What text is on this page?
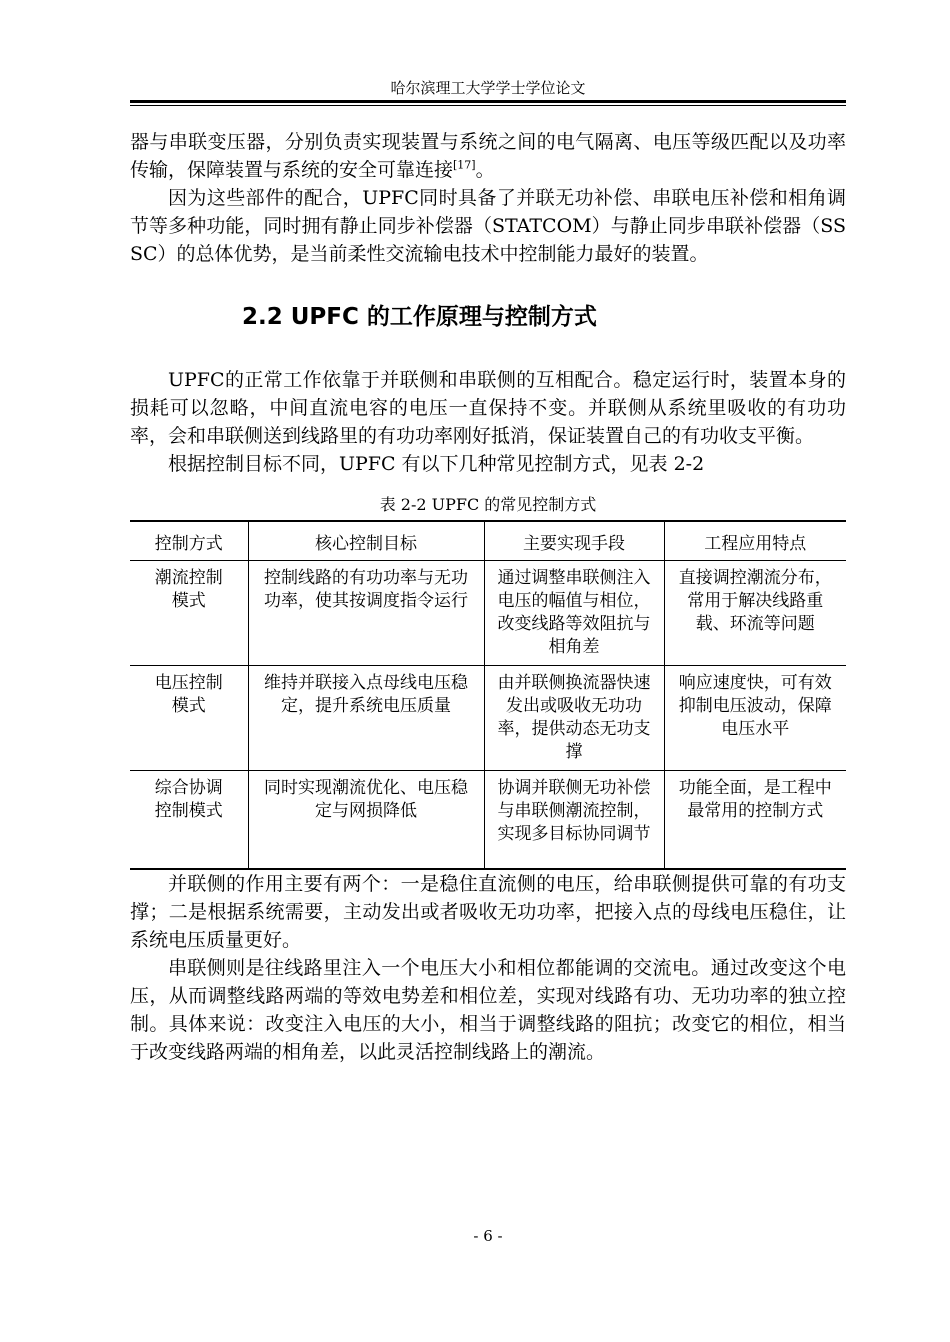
哈尔滨理工大学学士学位论文

器与串联变压器，分别负责实现装置与系统之间的电气隔离、电压等级匹配以及功率传输，保障装置与系统的安全可靠连接[17]。

因为这些部件的配合，UPFC同时具备了并联无功补偿、串联电压补偿和相角调节等多种功能，同时拥有静止同步补偿器（STATCOM）与静止同步串联补偿器（SSSC）的总体优势，是当前柔性交流输电技术中控制能力最好的装置。

2.2 UPFC 的工作原理与控制方式

UPFC的正常工作依靠于并联侧和串联侧的互相配合。稳定运行时，装置本身的损耗可以忽略，中间直流电容的电压一直保持不变。并联侧从系统里吸收的有功功率，会和串联侧送到线路里的有功功率刚好抵消，保证装置自己的有功收支平衡。

根据控制目标不同，UPFC 有以下几种常见控制方式，见表 2-2

表 2-2 UPFC 的常见控制方式
控制方式	核心控制目标	主要实现手段	工程应用特点
潮流控制模式	控制线路的有功功率与无功功率，使其按调度指令运行	通过调整串联侧注入电压的幅值与相位，改变线路等效阻抗与相角差	直接调控潮流分布，常用于解决线路重载、环流等问题
电压控制模式	维持并联接入点母线电压稳定，提升系统电压质量	由并联侧换流器快速发出或吸收无功功率，提供动态无功支撑	响应速度快，可有效抑制电压波动，保障电压水平
综合协调控制模式	同时实现潮流优化、电压稳定与网损降低	协调并联侧无功补偿与串联侧潮流控制，实现多目标协同调节	功能全面，是工程中最常用的控制方式

并联侧的作用主要有两个：一是稳住直流侧的电压，给串联侧提供可靠的有功支撑；二是根据系统需要，主动发出或者吸收无功功率，把接入点的母线电压稳住，让系统电压质量更好。

串联侧则是往线路里注入一个电压大小和相位都能调的交流电。通过改变这个电压，从而调整线路两端的等效电势差和相位差，实现对线路有功、无功功率的独立控制。具体来说：改变注入电压的大小，相当于调整线路的阻抗；改变它的相位，相当于改变线路两端的相角差，以此灵活控制线路上的潮流。

- 6 -
